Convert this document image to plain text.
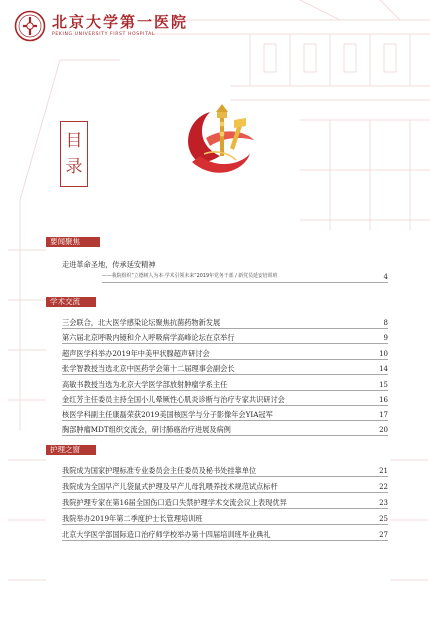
北京大学第一医院
PEKING UNIVERSITY FIRST HOSPITAL
目
录
要闻聚焦
走进革命圣地，传承延安精神
——我院组织“立德树人为本·学术引领未来”2019年党务干部 / 新党员延安培训班	4
学术交流
三会联合，北大医学感染论坛聚焦抗菌药物新发展	8
第六届北京呼吸内镜和介入呼吸病学高峰论坛在京举行	9
超声医学科举办2019年中美甲状腺超声研讨会	10
张学智教授当选北京中医药学会第十二届理事会副会长	14
高敏书教授当选为北京大学医学部放射肿瘤学系主任	15
金红芳主任委员主持全国小儿晕厥性心肌炎诊断与治疗专家共识研讨会	16
核医学科副主任康磊荣获2019美国核医学与分子影像年会YIA冠军	17
胸部肿瘤MDT组织交流会，研讨肺癌治疗进展及病例	20
护理之窗
我院成为国家护理标准专业委员会主任委员及秘书处挂靠单位	21
我院成为全国早产儿袋鼠式护理及早产儿母乳喂养技术规范试点标杆	22
我院护理专家在第16届全国伤口造口失禁护理学术交流会议上表现优异	23
我院举办2019年第二季度护士长管理培训班	25
北京大学医学部国际造口治疗师学校举办第十四届培训班毕业典礼	27
